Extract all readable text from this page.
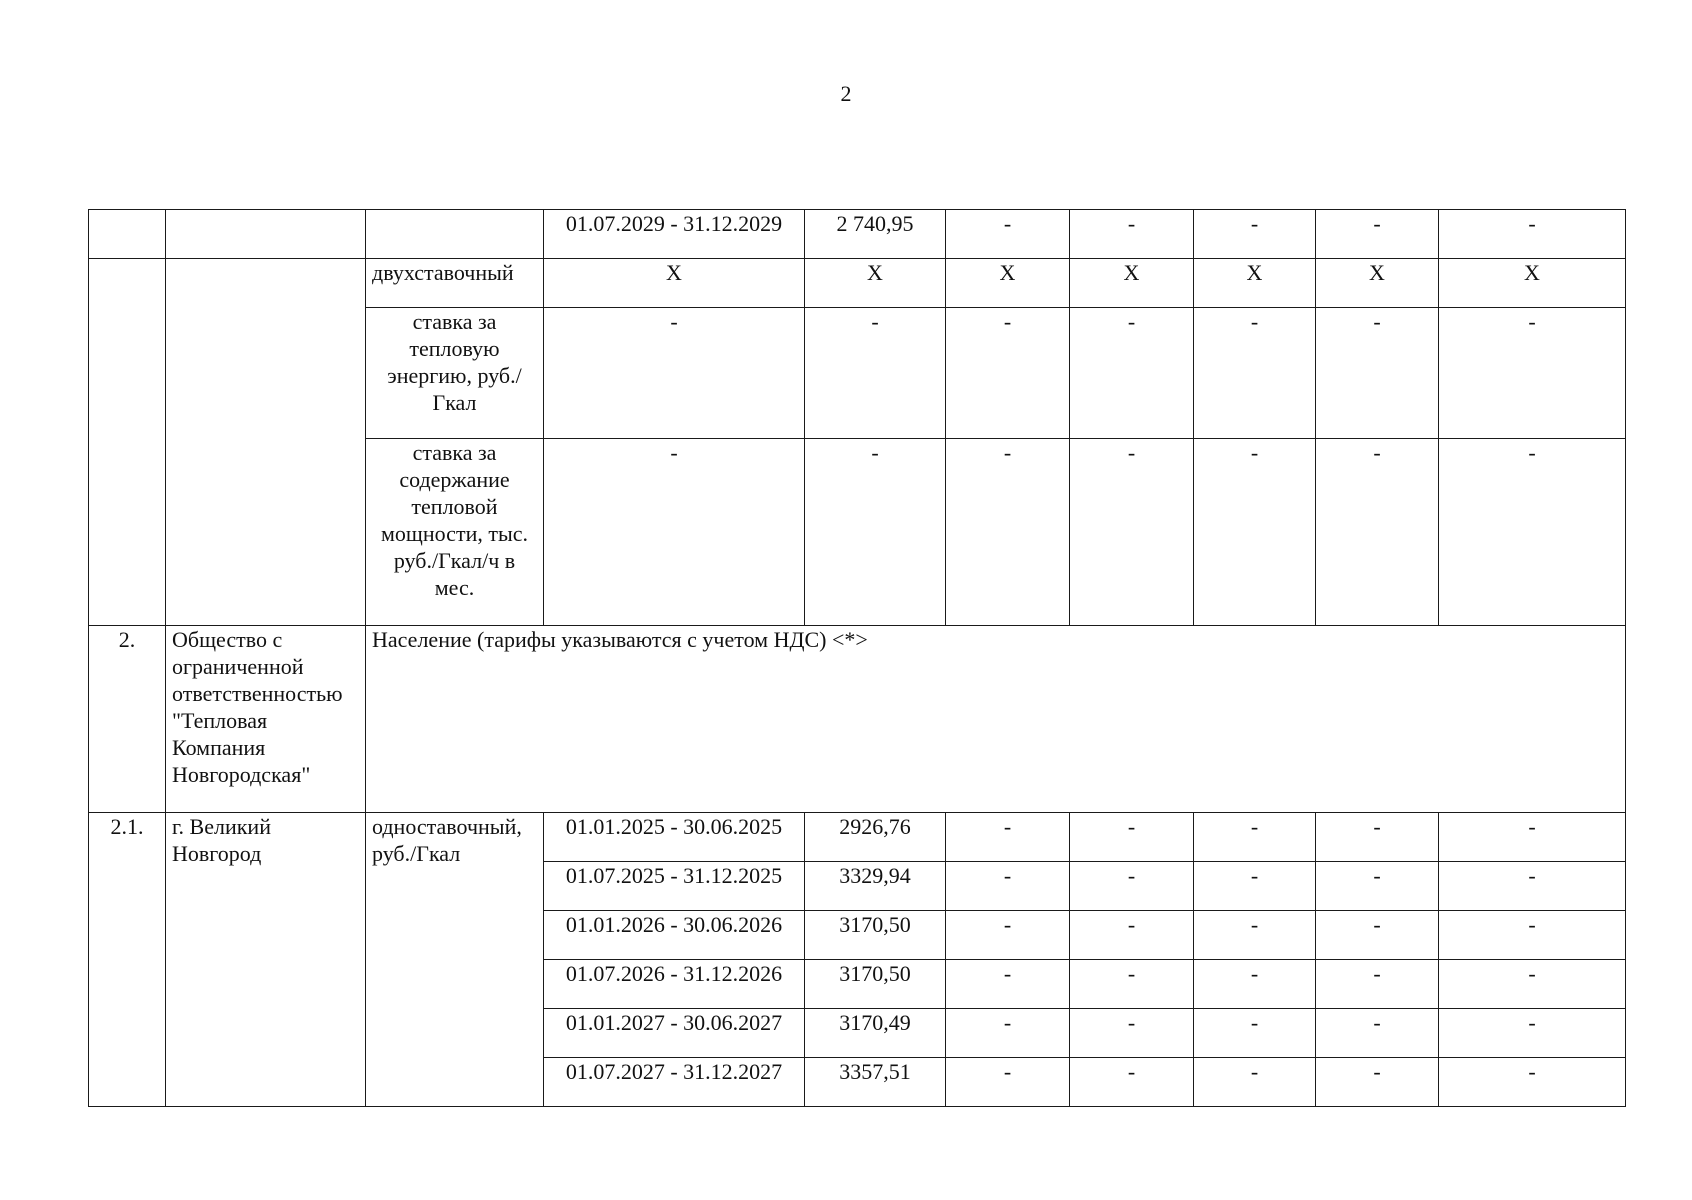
2
			01.07.2029 - 31.12.2029	2 740,95	-	-	-	-	-
		двухставочный	X	X	X	X	X	X	X
		ставка за тепловую энергию, руб./Гкал	-	-	-	-	-	-	-
		ставка за содержание тепловой мощности, тыс. руб./Гкал/ч в мес.	-	-	-	-	-	-	-
2.	Общество с ограниченной ответственностью "Тепловая Компания Новгородская"	Население (тарифы указываются с учетом НДС) <*>							
2.1.	г. Великий Новгород	одноставочный, руб./Гкал	01.01.2025 - 30.06.2025	2926,76	-	-	-	-	-
			01.07.2025 - 31.12.2025	3329,94	-	-	-	-	-
			01.01.2026 - 30.06.2026	3170,50	-	-	-	-	-
			01.07.2026 - 31.12.2026	3170,50	-	-	-	-	-
			01.01.2027 - 30.06.2027	3170,49	-	-	-	-	-
			01.07.2027 - 31.12.2027	3357,51	-	-	-	-	-
